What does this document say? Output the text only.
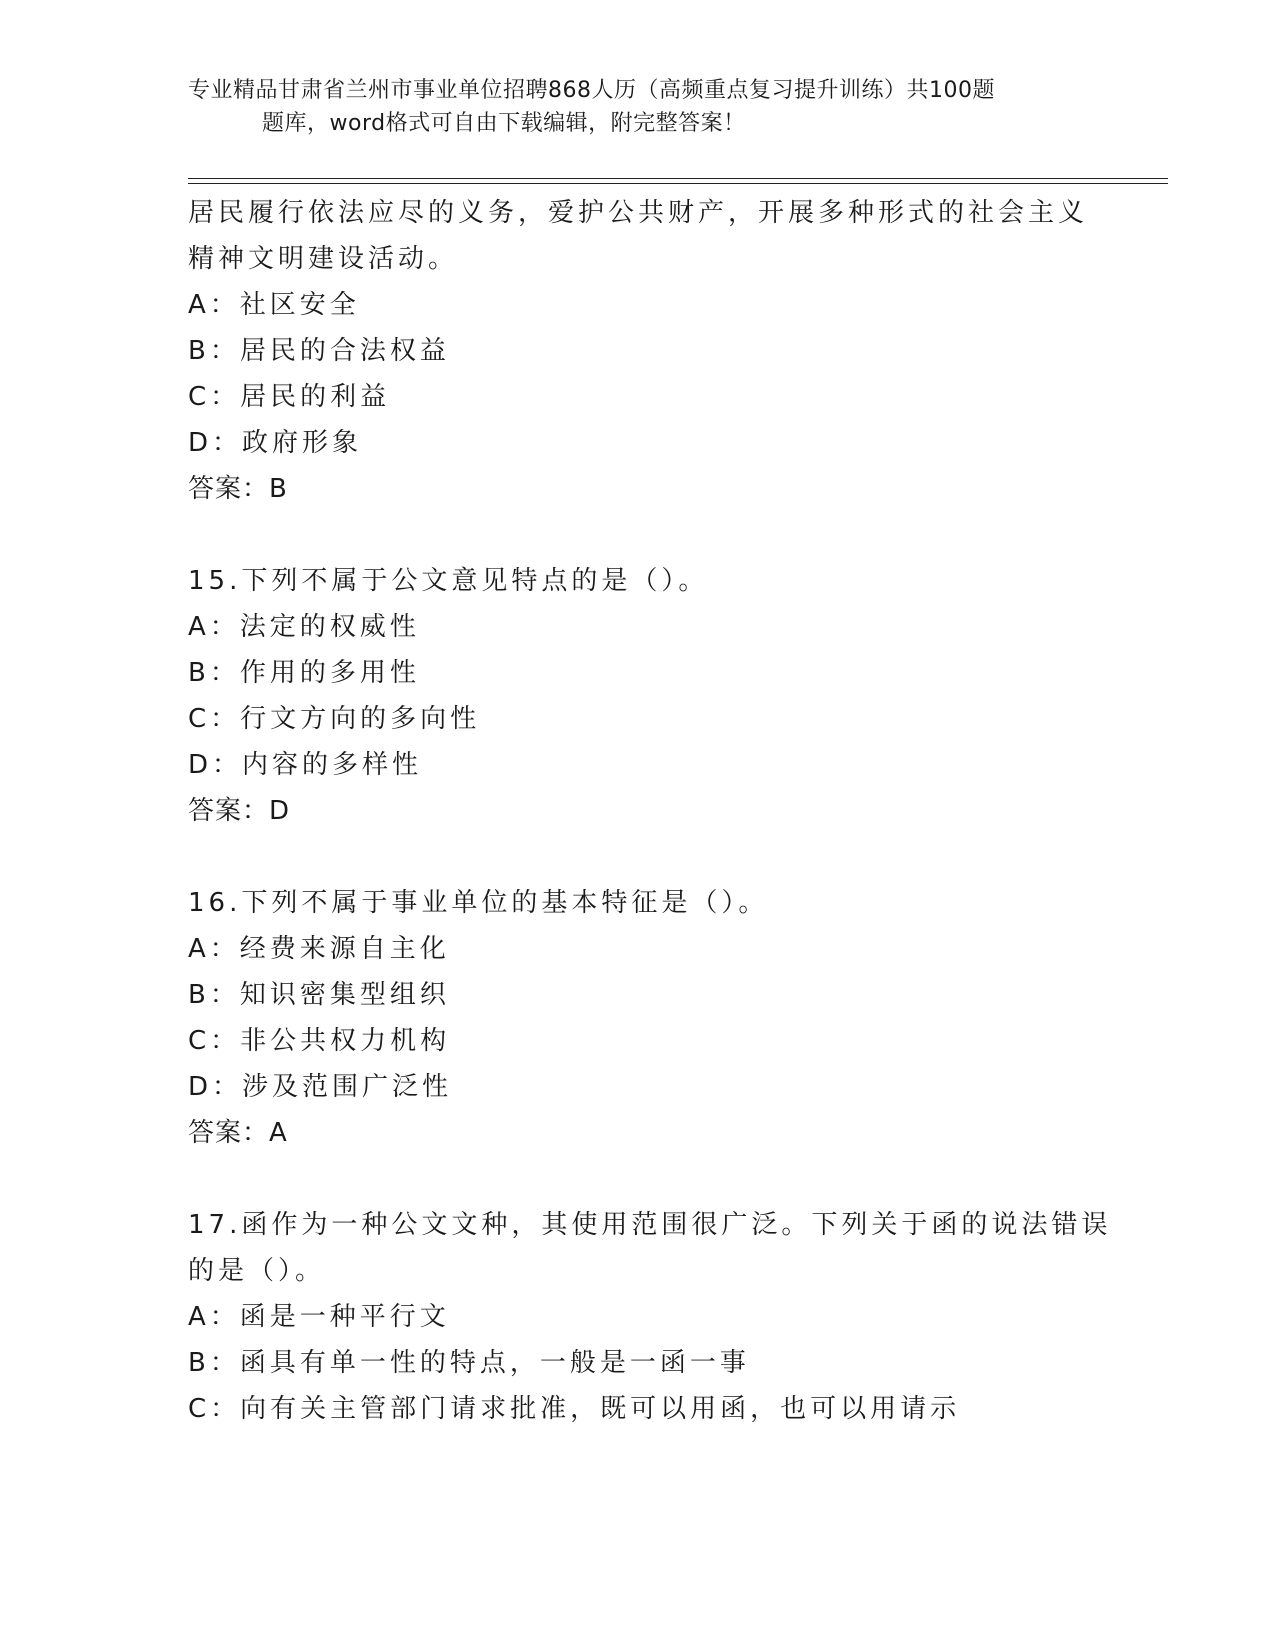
专业精品甘肃省兰州市事业单位招聘868人历（高频重点复习提升训练）共100题
题库，word格式可自由下载编辑，附完整答案！
居民履行依法应尽的义务，爱护公共财产，开展多种形式的社会主义
精神文明建设活动。
A：社区安全
B：居民的合法权益
C：居民的利益
D：政府形象
答案：B
15.下列不属于公文意见特点的是（）。
A：法定的权威性
B：作用的多用性
C：行文方向的多向性
D：内容的多样性
答案：D
16.下列不属于事业单位的基本特征是（）。
A：经费来源自主化
B：知识密集型组织
C：非公共权力机构
D：涉及范围广泛性
答案：A
17.函作为一种公文文种，其使用范围很广泛。下列关于函的说法错误
的是（）。
A：函是一种平行文
B：函具有单一性的特点，一般是一函一事
C：向有关主管部门请求批准，既可以用函，也可以用请示
